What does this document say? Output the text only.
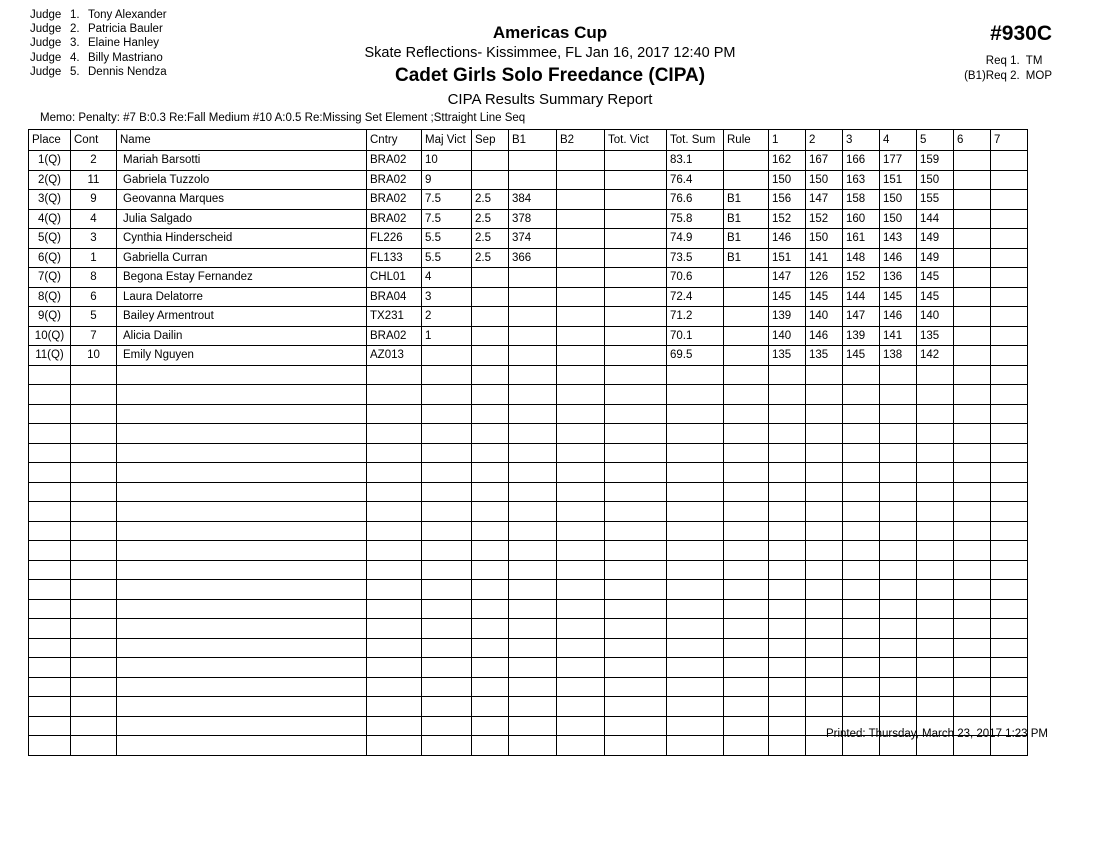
Judge 1. Tony Alexander
Judge 2. Patricia Bauler
Judge 3. Elaine Hanley
Judge 4. Billy Mastriano
Judge 5. Dennis Nendza
Americas Cup
Skate Reflections- Kissimmee, FL Jan 16, 2017 12:40 PM
Cadet Girls Solo Freedance (CIPA)
CIPA Results Summary Report
#930C
Req 1. TM
(B1)Req 2. MOP
Memo: Penalty: #7 B:0.3 Re:Fall Medium #10 A:0.5 Re:Missing Set Element ;Sttraight Line Seq
Place	Cont	Name	Cntry	Maj Vict	Sep	B1	B2	Tot. Vict	Tot. Sum	Rule	1	2	3	4	5	6	7
1(Q)	2	Mariah Barsotti	BRA02	10					83.1		162	167	166	177	159		
2(Q)	11	Gabriela Tuzzolo	BRA02	9					76.4		150	150	163	151	150		
3(Q)	9	Geovanna Marques	BRA02	7.5	2.5	384			76.6	B1	156	147	158	150	155		
4(Q)	4	Julia Salgado	BRA02	7.5	2.5	378			75.8	B1	152	152	160	150	144		
5(Q)	3	Cynthia Hinderscheid	FL226	5.5	2.5	374			74.9	B1	146	150	161	143	149		
6(Q)	1	Gabriella Curran	FL133	5.5	2.5	366			73.5	B1	151	141	148	146	149		
7(Q)	8	Begona Estay Fernandez	CHL01	4					70.6		147	126	152	136	145		
8(Q)	6	Laura Delatorre	BRA04	3					72.4		145	145	144	145	145		
9(Q)	5	Bailey Armentrout	TX231	2					71.2		139	140	147	146	140		
10(Q)	7	Alicia Dailin	BRA02	1					70.1		140	146	139	141	135		
11(Q)	10	Emily Nguyen	AZ013						69.5		135	135	145	138	142		

Printed: Thursday, March 23, 2017 1:23 PM
